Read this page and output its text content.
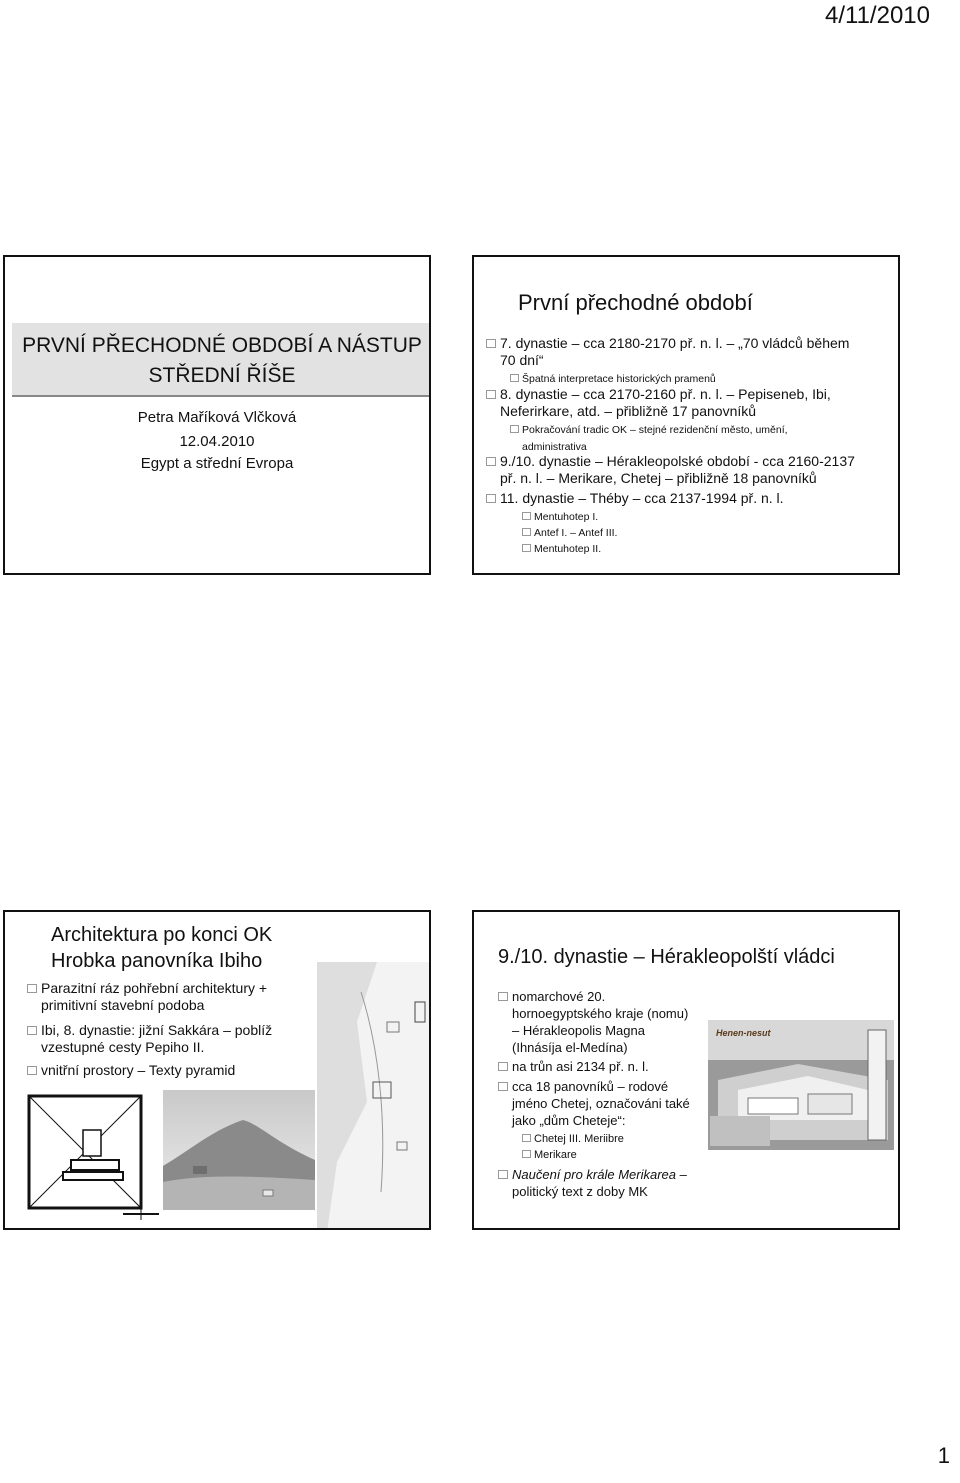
4/11/2010
PRVNÍ PŘECHODNÉ OBDOBÍ A NÁSTUP
STŘEDNÍ ŘÍŠE
Petra Maříková Vlčková
12.04.2010
Egypt a střední Evropa
První přechodné období
7. dynastie – cca 2180-2170 př. n. l. – „70 vládců během
70 dní“
Špatná interpretace historických pramenů
8. dynastie – cca 2170-2160 př. n. l. – Pepiseneb, Ibi,
Neferirkare, atd. – přibližně 17 panovníků
Pokračování tradic OK – stejné rezidenční město, umění,
administrativa
9./10. dynastie – Hérakleopolské období - cca 2160-2137
př. n. l. – Merikare, Chetej – přibližně 18 panovníků
11. dynastie – Théby – cca 2137-1994 př. n. l.
Mentuhotep I.
Antef I. – Antef III.
Mentuhotep II.
Architektura po konci OK
Hrobka panovníka Ibiho
Parazitní ráz pohřební architektury +
primitivní stavební podoba
Ibi, 8. dynastie: jižní Sakkára – poblíž
vzestupné cesty Pepiho II.
vnitřní prostory – Texty pyramid
9./10. dynastie – Hérakleopolští vládci
nomarchové 20.
hornoegyptského kraje (nomu)
– Hérakleopolis Magna
(Ihnásíja el-Medína)
na trůn asi 2134 př. n. l.
cca 18 panovníků – rodové
jméno Chetej, označováni také
jako „dům Cheteje“:
Chetej III. Meriibre
Merikare
Naučení pro krále Merikarea –
politický text z doby MK
Henen-nesut
1
